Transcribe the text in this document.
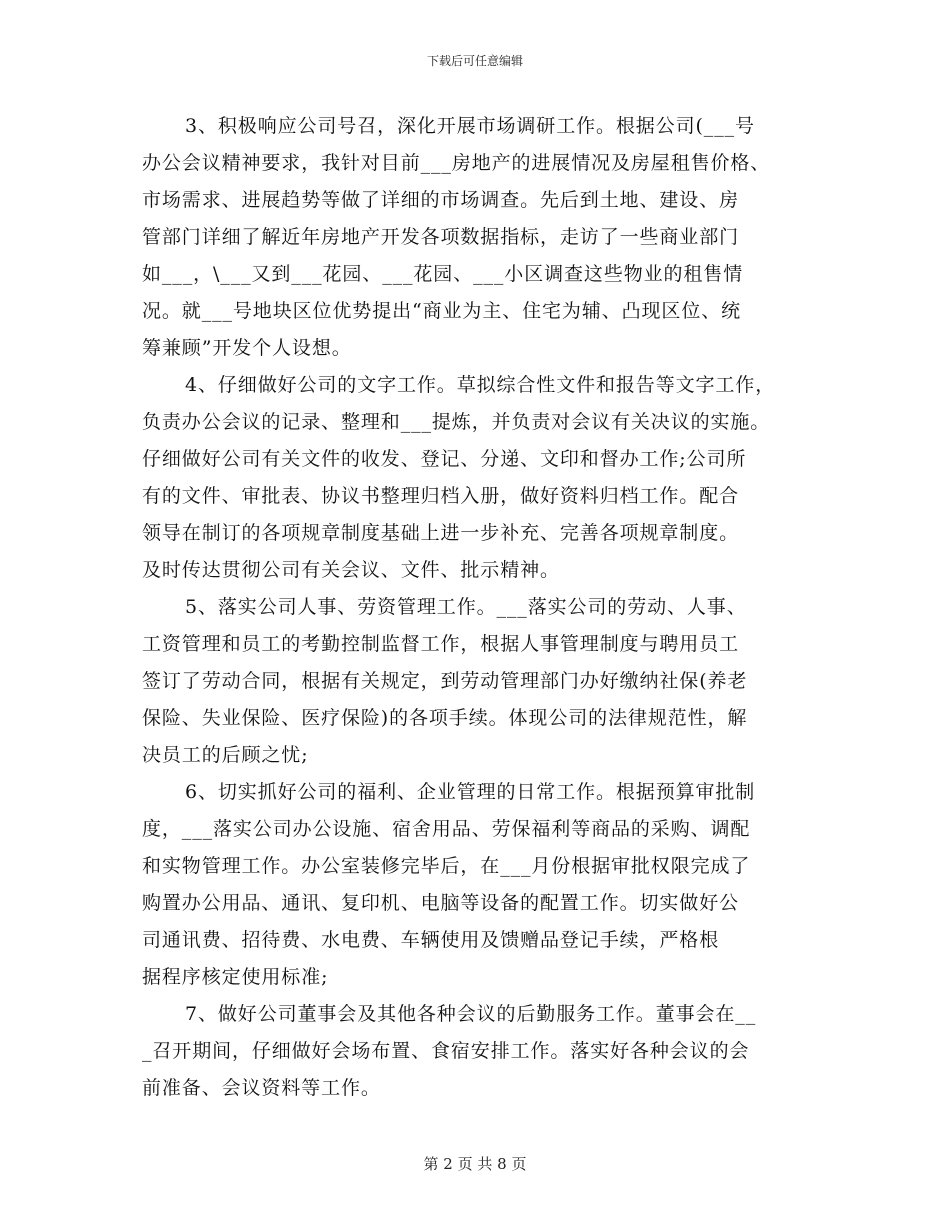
下载后可任意编辑
3、积极响应公司号召，深化开展市场调研工作。根据公司(___号
办公会议精神要求，我针对目前___房地产的进展情况及房屋租售价格、
市场需求、进展趋势等做了详细的市场调查。先后到土地、建设、房
管部门详细了解近年房地产开发各项数据指标，走访了一些商业部门
如___，\___又到___花园、___花园、___小区调查这些物业的租售情
况。就___号地块区位优势提出“商业为主、住宅为辅、凸现区位、统
筹兼顾”开发个人设想。
4、仔细做好公司的文字工作。草拟综合性文件和报告等文字工作，
负责办公会议的记录、整理和___提炼，并负责对会议有关决议的实施。
仔细做好公司有关文件的收发、登记、分递、文印和督办工作;公司所
有的文件、审批表、协议书整理归档入册，做好资料归档工作。配合
领导在制订的各项规章制度基础上进一步补充、完善各项规章制度。
及时传达贯彻公司有关会议、文件、批示精神。
5、落实公司人事、劳资管理工作。___落实公司的劳动、人事、
工资管理和员工的考勤控制监督工作，根据人事管理制度与聘用员工
签订了劳动合同，根据有关规定，到劳动管理部门办好缴纳社保(养老
保险、失业保险、医疗保险)的各项手续。体现公司的法律规范性，解
决员工的后顾之忧;
6、切实抓好公司的福利、企业管理的日常工作。根据预算审批制
度，___落实公司办公设施、宿舍用品、劳保福利等商品的采购、调配
和实物管理工作。办公室装修完毕后，在___月份根据审批权限完成了
购置办公用品、通讯、复印机、电脑等设备的配置工作。切实做好公
司通讯费、招待费、水电费、车辆使用及馈赠品登记手续，严格根
据程序核定使用标准;
7、做好公司董事会及其他各种会议的后勤服务工作。董事会在__
_召开期间，仔细做好会场布置、食宿安排工作。落实好各种会议的会
前准备、会议资料等工作。
第 2 页 共 8 页
